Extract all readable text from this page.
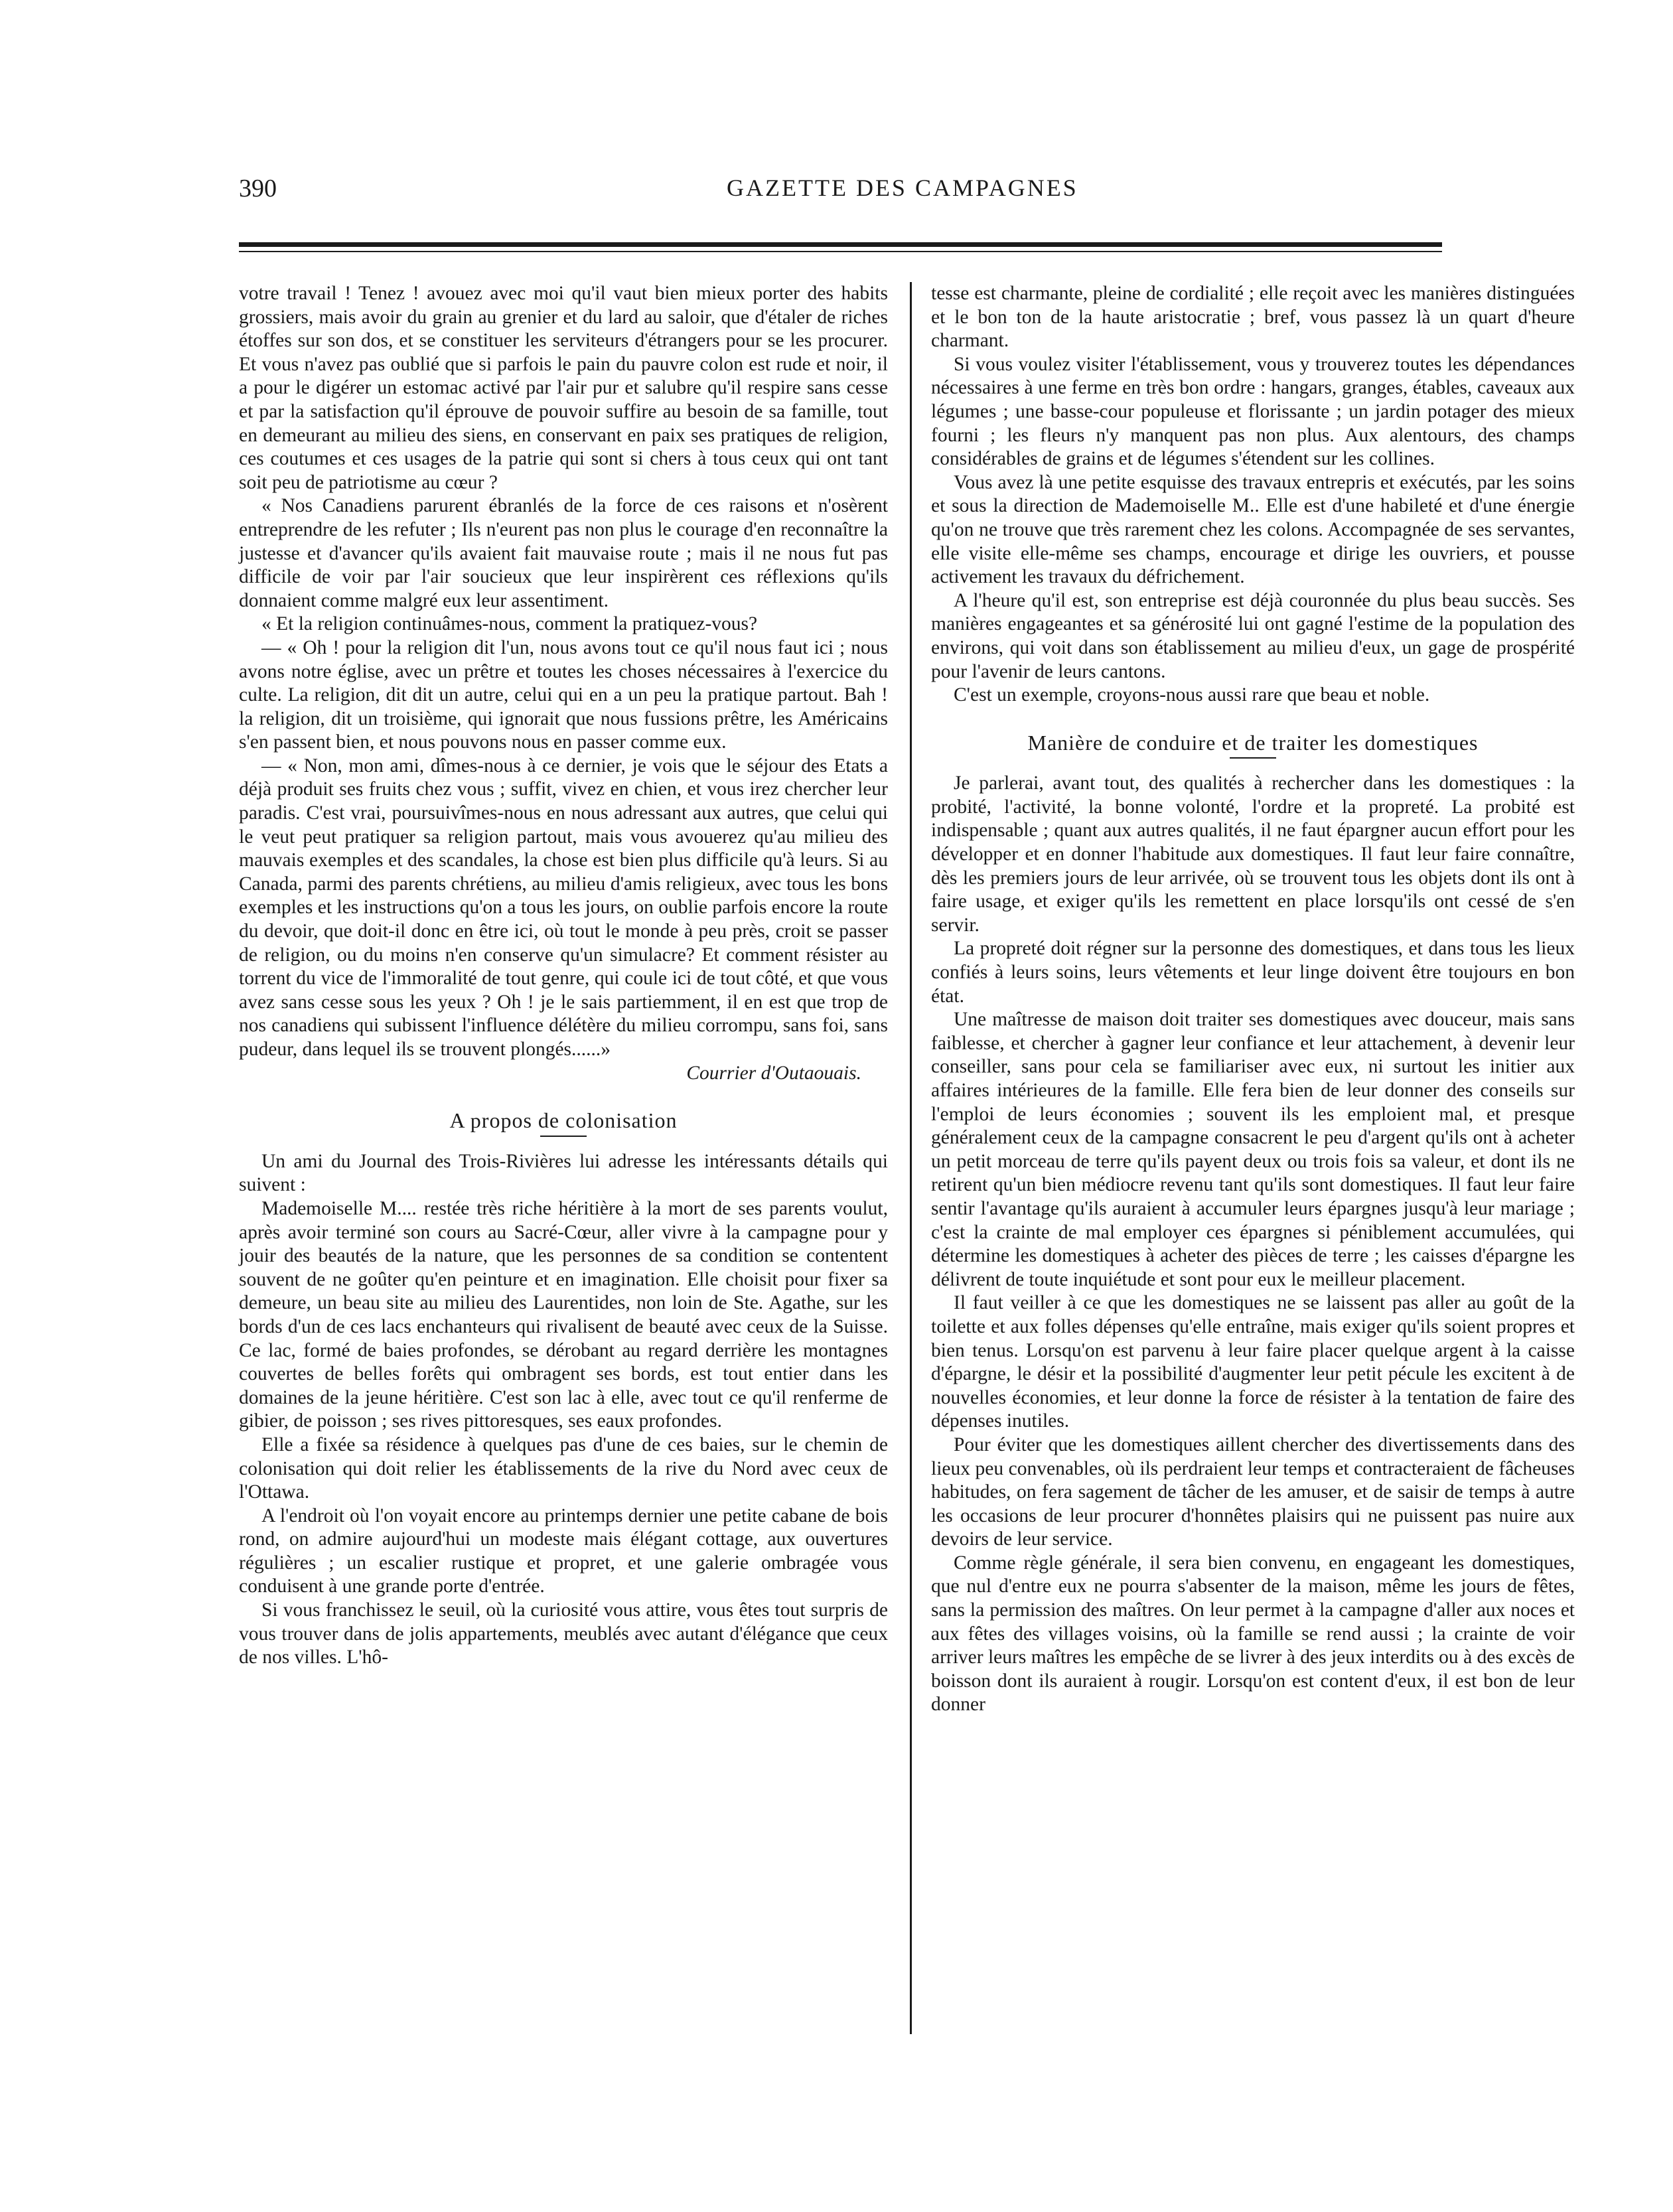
390	GAZETTE DES CAMPAGNES

votre travail ! Tenez ! avouez avec moi qu'il vaut bien mieux porter des habits grossiers, mais avoir du grain au grenier et du lard au saloir, que d'étaler de riches étoffes sur son dos, et se constituer les serviteurs d'étrangers pour se les procurer. Et vous n'avez pas oublié que si parfois le pain du pauvre colon est rude et noir, il a pour le digérer un estomac activé par l'air pur et salubre qu'il respire sans cesse et par la satisfaction qu'il éprouve de pouvoir suffire au besoin de sa famille, tout en demeurant au milieu des siens, en conservant en paix ses pratiques de religion, ces coutumes et ces usages de la patrie qui sont si chers à tous ceux qui ont tant soit peu de patriotisme au cœur ?

« Nos Canadiens parurent ébranlés de la force de ces raisons et n'osèrent entreprendre de les refuter ; Ils n'eurent pas non plus le courage d'en reconnaître la justesse et d'avancer qu'ils avaient fait mauvaise route ; mais il ne nous fut pas difficile de voir par l'air soucieux que leur inspirèrent ces réflexions qu'ils donnaient comme malgré eux leur assentiment.

« Et la religion continuâmes-nous, comment la pratiquez-vous?

— « Oh ! pour la religion dit l'un, nous avons tout ce qu'il nous faut ici ; nous avons notre église, avec un prêtre et toutes les choses nécessaires à l'exercice du culte. La religion, dit dit un autre, celui qui en a un peu la pratique partout. Bah ! la religion, dit un troisième, qui ignorait que nous fussions prêtre, les Américains s'en passent bien, et nous pouvons nous en passer comme eux.

— « Non, mon ami, dîmes-nous à ce dernier, je vois que le séjour des Etats a déjà produit ses fruits chez vous ; suffit, vivez en chien, et vous irez chercher leur paradis. C'est vrai, poursuivîmes-nous en nous adressant aux autres, que celui qui le veut peut pratiquer sa religion partout, mais vous avouerez qu'au milieu des mauvais exemples et des scandales, la chose est bien plus difficile qu'à leurs. Si au Canada, parmi des parents chrétiens, au milieu d'amis religieux, avec tous les bons exemples et les instructions qu'on a tous les jours, on oublie parfois encore la route du devoir, que doit-il donc en être ici, où tout le monde à peu près, croit se passer de religion, ou du moins n'en conserve qu'un simulacre? Et comment résister au torrent du vice de l'immoralité de tout genre, qui coule ici de tout côté, et que vous avez sans cesse sous les yeux ? Oh ! je le sais partiemment, il en est que trop de nos canadiens qui subissent l'influence délétère du milieu corrompu, sans foi, sans pudeur, dans lequel ils se trouvent plongés......»

Courrier d'Outaouais.

A propos de colonisation

Un ami du Journal des Trois-Rivières lui adresse les intéressants détails qui suivent :

Mademoiselle M.... restée très riche héritière à la mort de ses parents voulut, après avoir terminé son cours au Sacré-Cœur, aller vivre à la campagne pour y jouir des beautés de la nature, que les personnes de sa condition se contentent souvent de ne goûter qu'en peinture et en imagination. Elle choisit pour fixer sa demeure, un beau site au milieu des Laurentides, non loin de Ste. Agathe, sur les bords d'un de ces lacs enchanteurs qui rivalisent de beauté avec ceux de la Suisse. Ce lac, formé de baies profondes, se dérobant au regard derrière les montagnes couvertes de belles forêts qui ombragent ses bords, est tout entier dans les domaines de la jeune héritière. C'est son lac à elle, avec tout ce qu'il renferme de gibier, de poisson ; ses rives pittoresques, ses eaux profondes.

Elle a fixée sa résidence à quelques pas d'une de ces baies, sur le chemin de colonisation qui doit relier les établissements de la rive du Nord avec ceux de l'Ottawa.

A l'endroit où l'on voyait encore au printemps dernier une petite cabane de bois rond, on admire aujourd'hui un modeste mais élégant cottage, aux ouvertures régulières ; un escalier rustique et propret, et une galerie ombragée vous conduisent à une grande porte d'entrée.

Si vous franchissez le seuil, où la curiosité vous attire, vous êtes tout surpris de vous trouver dans de jolis appartements, meublés avec autant d'élégance que ceux de nos villes. L'hô-

tesse est charmante, pleine de cordialité ; elle reçoit avec les manières distinguées et le bon ton de la haute aristocratie ; bref, vous passez là un quart d'heure charmant.

Si vous voulez visiter l'établissement, vous y trouverez toutes les dépendances nécessaires à une ferme en très bon ordre : hangars, granges, étables, caveaux aux légumes ; une basse-cour populeuse et florissante ; un jardin potager des mieux fourni ; les fleurs n'y manquent pas non plus. Aux alentours, des champs considérables de grains et de légumes s'étendent sur les collines.

Vous avez là une petite esquisse des travaux entrepris et exécutés, par les soins et sous la direction de Mademoiselle M.. Elle est d'une habileté et d'une énergie qu'on ne trouve que très rarement chez les colons. Accompagnée de ses servantes, elle visite elle-même ses champs, encourage et dirige les ouvriers, et pousse activement les travaux du défrichement.

A l'heure qu'il est, son entreprise est déjà couronnée du plus beau succès. Ses manières engageantes et sa générosité lui ont gagné l'estime de la population des environs, qui voit dans son établissement au milieu d'eux, un gage de prospérité pour l'avenir de leurs cantons.

C'est un exemple, croyons-nous aussi rare que beau et noble.

Manière de conduire et de traiter les domestiques

Je parlerai, avant tout, des qualités à rechercher dans les domestiques : la probité, l'activité, la bonne volonté, l'ordre et la propreté. La probité est indispensable ; quant aux autres qualités, il ne faut épargner aucun effort pour les développer et en donner l'habitude aux domestiques. Il faut leur faire connaître, dès les premiers jours de leur arrivée, où se trouvent tous les objets dont ils ont à faire usage, et exiger qu'ils les remettent en place lorsqu'ils ont cessé de s'en servir.

La propreté doit régner sur la personne des domestiques, et dans tous les lieux confiés à leurs soins, leurs vêtements et leur linge doivent être toujours en bon état.

Une maîtresse de maison doit traiter ses domestiques avec douceur, mais sans faiblesse, et chercher à gagner leur confiance et leur attachement, à devenir leur conseiller, sans pour cela se familiariser avec eux, ni surtout les initier aux affaires intérieures de la famille. Elle fera bien de leur donner des conseils sur l'emploi de leurs économies ; souvent ils les emploient mal, et presque généralement ceux de la campagne consacrent le peu d'argent qu'ils ont à acheter un petit morceau de terre qu'ils payent deux ou trois fois sa valeur, et dont ils ne retirent qu'un bien médiocre revenu tant qu'ils sont domestiques. Il faut leur faire sentir l'avantage qu'ils auraient à accumuler leurs épargnes jusqu'à leur mariage ; c'est la crainte de mal employer ces épargnes si péniblement accumulées, qui détermine les domestiques à acheter des pièces de terre ; les caisses d'épargne les délivrent de toute inquiétude et sont pour eux le meilleur placement.

Il faut veiller à ce que les domestiques ne se laissent pas aller au goût de la toilette et aux folles dépenses qu'elle entraîne, mais exiger qu'ils soient propres et bien tenus. Lorsqu'on est parvenu à leur faire placer quelque argent à la caisse d'épargne, le désir et la possibilité d'augmenter leur petit pécule les excitent à de nouvelles économies, et leur donne la force de résister à la tentation de faire des dépenses inutiles.

Pour éviter que les domestiques aillent chercher des divertissements dans des lieux peu convenables, où ils perdraient leur temps et contracteraient de fâcheuses habitudes, on fera sagement de tâcher de les amuser, et de saisir de temps à autre les occasions de leur procurer d'honnêtes plaisirs qui ne puissent pas nuire aux devoirs de leur service.

Comme règle générale, il sera bien convenu, en engageant les domestiques, que nul d'entre eux ne pourra s'absenter de la maison, même les jours de fêtes, sans la permission des maîtres. On leur permet à la campagne d'aller aux noces et aux fêtes des villages voisins, où la famille se rend aussi ; la crainte de voir arriver leurs maîtres les empêche de se livrer à des jeux interdits ou à des excès de boisson dont ils auraient à rougir. Lorsqu'on est content d'eux, il est bon de leur donner
